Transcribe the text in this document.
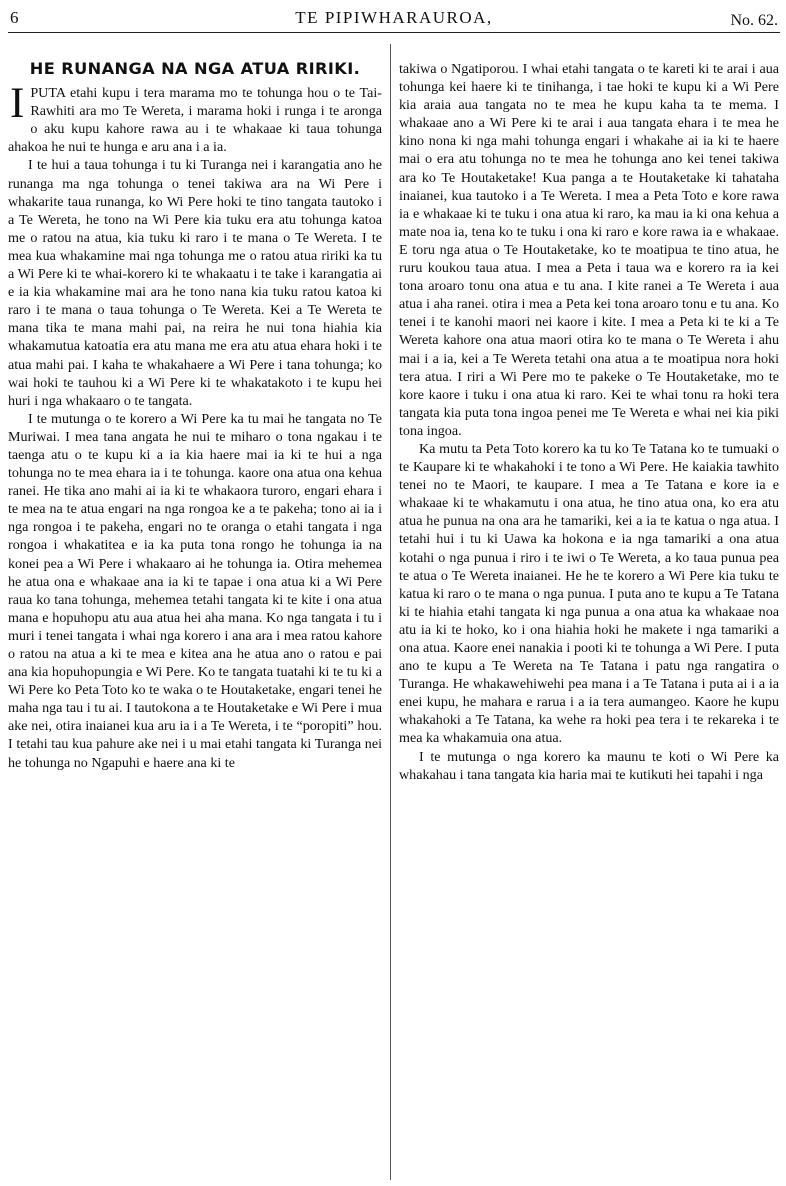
6	TE PIPIWHARAUROA,	No. 62.
HE RUNANGA NA NGA ATUA RIRIKI.

IPUTA etahi kupu i tera marama mo te tohunga hou o te Tai-Rawhiti ara mo Te Wereta, i marama hoki i runga i te aronga o aku kupu kahore rawa au i te whakaae ki taua tohunga ahakoa he nui te hunga e aru ana i a ia.

I te hui a taua tohunga i tu ki Turanga nei i karangatia ano he runanga ma nga tohunga o tenei takiwa ara na Wi Pere i whakarite taua runanga, ko Wi Pere hoki te tino tangata tautoko i a Te Wereta, he tono na Wi Pere kia tuku era atu tohunga katoa me o ratou na atua, kia tuku ki raro i te mana o Te Wereta. I te mea kua whakamine mai nga tohunga me o ratou atua ririki ka tu a Wi Pere ki te whai-korero ki te whakaatu i te take i karangatia ai e ia kia whakamine mai ara he tono nana kia tuku ratou katoa ki raro i te mana o taua tohunga o Te Wereta. Kei a Te Wereta te mana tika te mana mahi pai, na reira he nui tona hiahia kia whakamutua katoatia era atu mana me era atu atua ehara hoki i te atua mahi pai. I kaha te whakahaere a Wi Pere i tana tohunga; ko wai hoki te tauhou ki a Wi Pere ki te whakatakoto i te kupu hei huri i nga whakaaro o te tangata.

I te mutunga o te korero a Wi Pere ka tu mai he tangata no Te Muriwai. I mea tana angata he nui te miharo o tona ngakau i te taenga atu o te kupu ki a ia kia haere mai ia ki te hui a nga tohunga no te mea ehara ia i te tohunga. kaore ona atua ona kehua ranei. He tika ano mahi ai ia ki te whakaora turoro, engari ehara i te mea na te atua engari na nga rongoa ke a te pakeha; tono ai ia i nga rongoa i te pakeha, engari no te oranga o etahi tangata i nga rongoa i whakatitea e ia ka puta tona rongo he tohunga ia na konei pea a Wi Pere i whakaaro ai he tohunga ia. Otira mehemea he atua ona e whakaae ana ia ki te tapae i ona atua ki a Wi Pere raua ko tana tohunga, mehemea tetahi tangata ki te kite i ona atua mana e hopuhopu atu aua atua hei aha mana. Ko nga tangata i tu i muri i tenei tangata i whai nga korero i ana ara i mea ratou kahore o ratou na atua a ki te mea e kitea ana he atua ano o ratou e pai ana kia hopuhopungia e Wi Pere. Ko te tangata tuatahi ki te tu ki a Wi Pere ko Peta Toto ko te waka o te Houtaketake, engari tenei he maha nga tau i tu ai. I tautokona a te Houtaketake e Wi Pere i mua ake nei, otira inaianei kua aru ia i a Te Wereta, i te “poropiti” hou. I tetahi tau kua pahure ake nei i u mai etahi tangata ki Turanga nei he tohunga no Ngapuhi e haere ana ki te

takiwa o Ngatiporou. I whai etahi tangata o te kareti ki te arai i aua tohunga kei haere ki te tinihanga, i tae hoki te kupu ki a Wi Pere kia araia aua tangata no te mea he kupu kaha ta te mema. I whakaae ano a Wi Pere ki te arai i aua tangata ehara i te mea he kino nona ki nga mahi tohunga engari i whakahe ai ia ki te haere mai o era atu tohunga no te mea he tohunga ano kei tenei takiwa ara ko Te Houtaketake! Kua panga a te Houtaketake ki tahataha inaianei, kua tautoko i a Te Wereta. I mea a Peta Toto e kore rawa ia e whakaae ki te tuku i ona atua ki raro, ka mau ia ki ona kehua a mate noa ia, tena ko te tuku i ona ki raro e kore rawa ia e whakaae. E toru nga atua o Te Houtaketake, ko te moatipua te tino atua, he ruru koukou taua atua. I mea a Peta i taua wa e korero ra ia kei tona aroaro tonu ona atua e tu ana. I kite ranei a Te Wereta i aua atua i aha ranei. otira i mea a Peta kei tona aroaro tonu e tu ana. Ko tenei i te kanohi maori nei kaore i kite. I mea a Peta ki te ki a Te Wereta kahore ona atua maori otira ko te mana o Te Wereta i ahu mai i a ia, kei a Te Wereta tetahi ona atua a te moatipua nora hoki tera atua. I riri a Wi Pere mo te pakeke o Te Houtaketake, mo te kore kaore i tuku i ona atua ki raro. Kei te whai tonu ra hoki tera tangata kia puta tona ingoa penei me Te Wereta e whai nei kia piki tona ingoa.

Ka mutu ta Peta Toto korero ka tu ko Te Tatana ko te tumuaki o te Kaupare ki te whakahoki i te tono a Wi Pere. He kaiakia tawhito tenei no te Maori, te kaupare. I mea a Te Tatana e kore ia e whakaae ki te whakamutu i ona atua, he tino atua ona, ko era atu atua he punua na ona ara he tamariki, kei a ia te katua o nga atua. I tetahi hui i tu ki Uawa ka hokona e ia nga tamariki a ona atua kotahi o nga punua i riro i te iwi o Te Wereta, a ko taua punua pea te atua o Te Wereta inaianei. He he te korero a Wi Pere kia tuku te katua ki raro o te mana o nga punua. I puta ano te kupu a Te Tatana ki te hiahia etahi tangata ki nga punua a ona atua ka whakaae noa atu ia ki te hoko, ko i ona hiahia hoki he makete i nga tamariki a ona atua. Kaore enei nanakia i pooti ki te tohunga a Wi Pere. I puta ano te kupu a Te Wereta na Te Tatana i patu nga rangatira o Turanga. He whakawehiwehi pea mana i a Te Tatana i puta ai i a ia enei kupu, he mahara e rarua i a ia tera aumangeo. Kaore he kupu whakahoki a Te Tatana, ka wehe ra hoki pea tera i te rekareka i te mea ka whakamuia ona atua.

I te mutunga o nga korero ka maunu te koti o Wi Pere ka whakahau i tana tangata kia haria mai te kutikuti hei tapahi i nga
